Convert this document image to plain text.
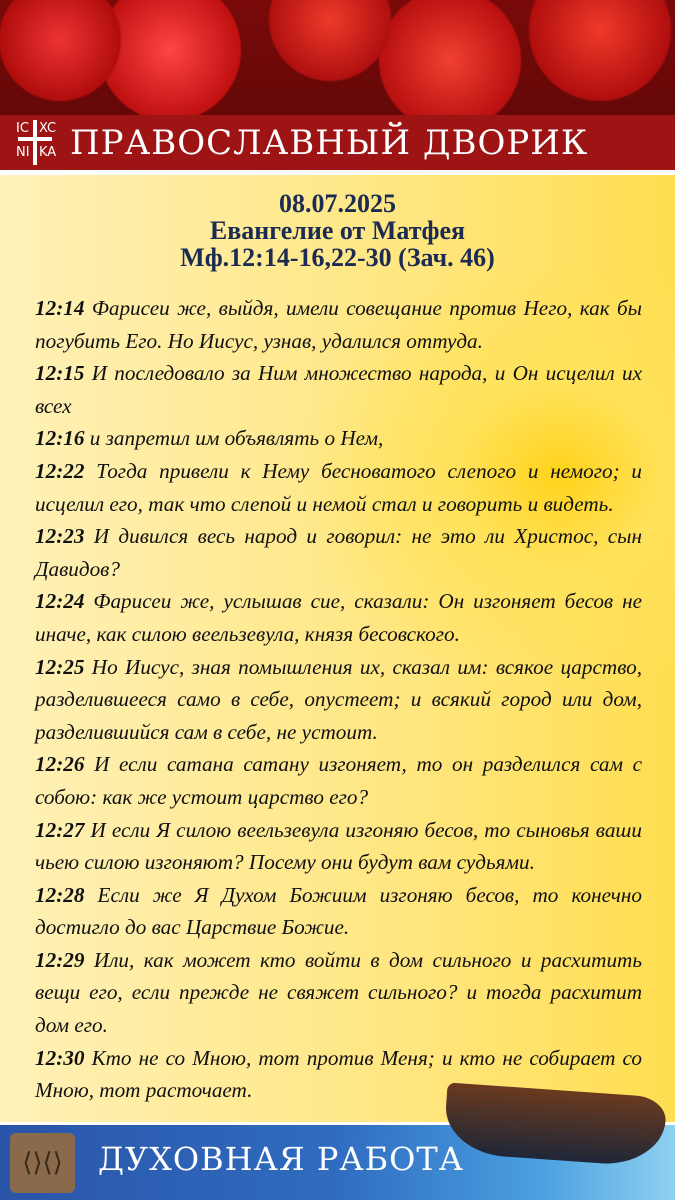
IC XC
NI KA ПРАВОСЛАВНЫЙ ДВОРИК
08.07.2025
Евангелие от Матфея
Мф.12:14-16,22-30 (Зач. 46)
12:14 Фарисеи же, выйдя, имели совещание против Него, как бы погубить Его. Но Иисус, узнав, удалился оттуда.
12:15 И последовало за Ним множество народа, и Он исцелил их всех
12:16 и запретил им объявлять о Нем,
12:22 Тогда привели к Нему бесноватого слепого и немого; и исцелил его, так что слепой и немой стал и говорить и видеть.
12:23 И дивился весь народ и говорил: не это ли Христос, сын Давидов?
12:24 Фарисеи же, услышав сие, сказали: Он изгоняет бесов не иначе, как силою веельзевула, князя бесовского.
12:25 Но Иисус, зная помышления их, сказал им: всякое царство, разделившееся само в себе, опустеет; и всякий город или дом, разделившийся сам в себе, не устоит.
12:26 И если сатана сатану изгоняет, то он разделился сам с собою: как же устоит царство его?
12:27 И если Я силою веельзевула изгоняю бесов, то сыновья ваши чьею силою изгоняют? Посему они будут вам судьями.
12:28 Если же Я Духом Божиим изгоняю бесов, то конечно достигло до вас Царствие Божие.
12:29 Или, как может кто войти в дом сильного и расхитить вещи его, если прежде не свяжет сильного? и тогда расхитит дом его.
12:30 Кто не со Мною, тот против Меня; и кто не собирает со Мною, тот расточает.
⟨⟩⟨⟩	ДУХОВНАЯ РАБОТА
